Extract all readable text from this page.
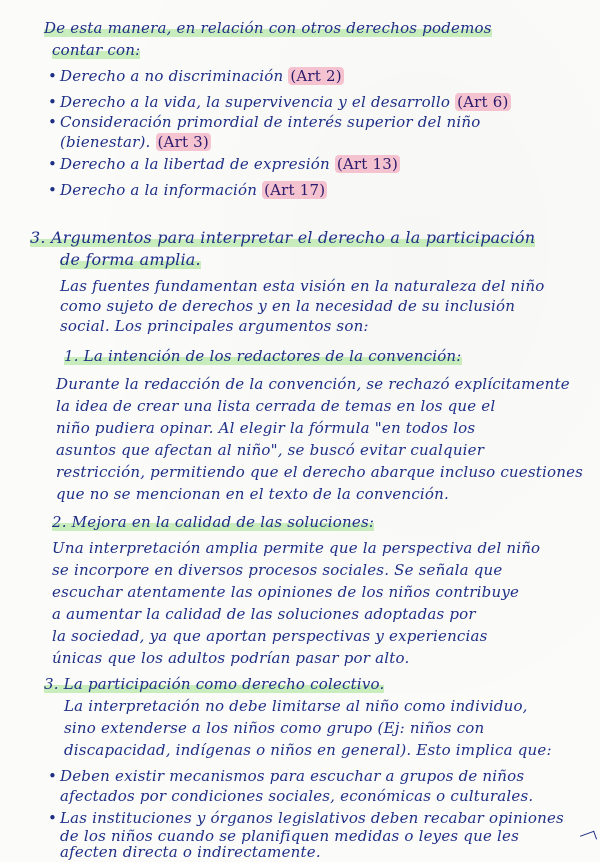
De esta manera, en relación con otros derechos podemos
contar con:
• Derecho a no discriminación (Art 2)
• Derecho a la vida, la supervivencia y el desarrollo (Art 6)
• Consideración primordial de interés superior del niño
(bienestar). (Art 3)
• Derecho a la libertad de expresión (Art 13)
• Derecho a la información (Art 17)
3. Argumentos para interpretar el derecho a la participación
de forma amplia.
Las fuentes fundamentan esta visión en la naturaleza del niño
como sujeto de derechos y en la necesidad de su inclusión
social. Los principales argumentos son:
1. La intención de los redactores de la convención:
Durante la redacción de la convención, se rechazó explícitamente
la idea de crear una lista cerrada de temas en los que el
niño pudiera opinar. Al elegir la fórmula "en todos los
asuntos que afectan al niño", se buscó evitar cualquier
restricción, permitiendo que el derecho abarque incluso cuestiones
que no se mencionan en el texto de la convención.
2. Mejora en la calidad de las soluciones:
Una interpretación amplia permite que la perspectiva del niño
se incorpore en diversos procesos sociales. Se señala que
escuchar atentamente las opiniones de los niños contribuye
a aumentar la calidad de las soluciones adoptadas por
la sociedad, ya que aportan perspectivas y experiencias
únicas que los adultos podrían pasar por alto.
3. La participación como derecho colectivo.
La interpretación no debe limitarse al niño como individuo,
sino extenderse a los niños como grupo (Ej: niños con
discapacidad, indígenas o niños en general). Esto implica que:
• Deben existir mecanismos para escuchar a grupos de niños
afectados por condiciones sociales, económicas o culturales.
• Las instituciones y órganos legislativos deben recabar opiniones
de los niños cuando se planifiquen medidas o leyes que les
afecten directa o indirectamente.
